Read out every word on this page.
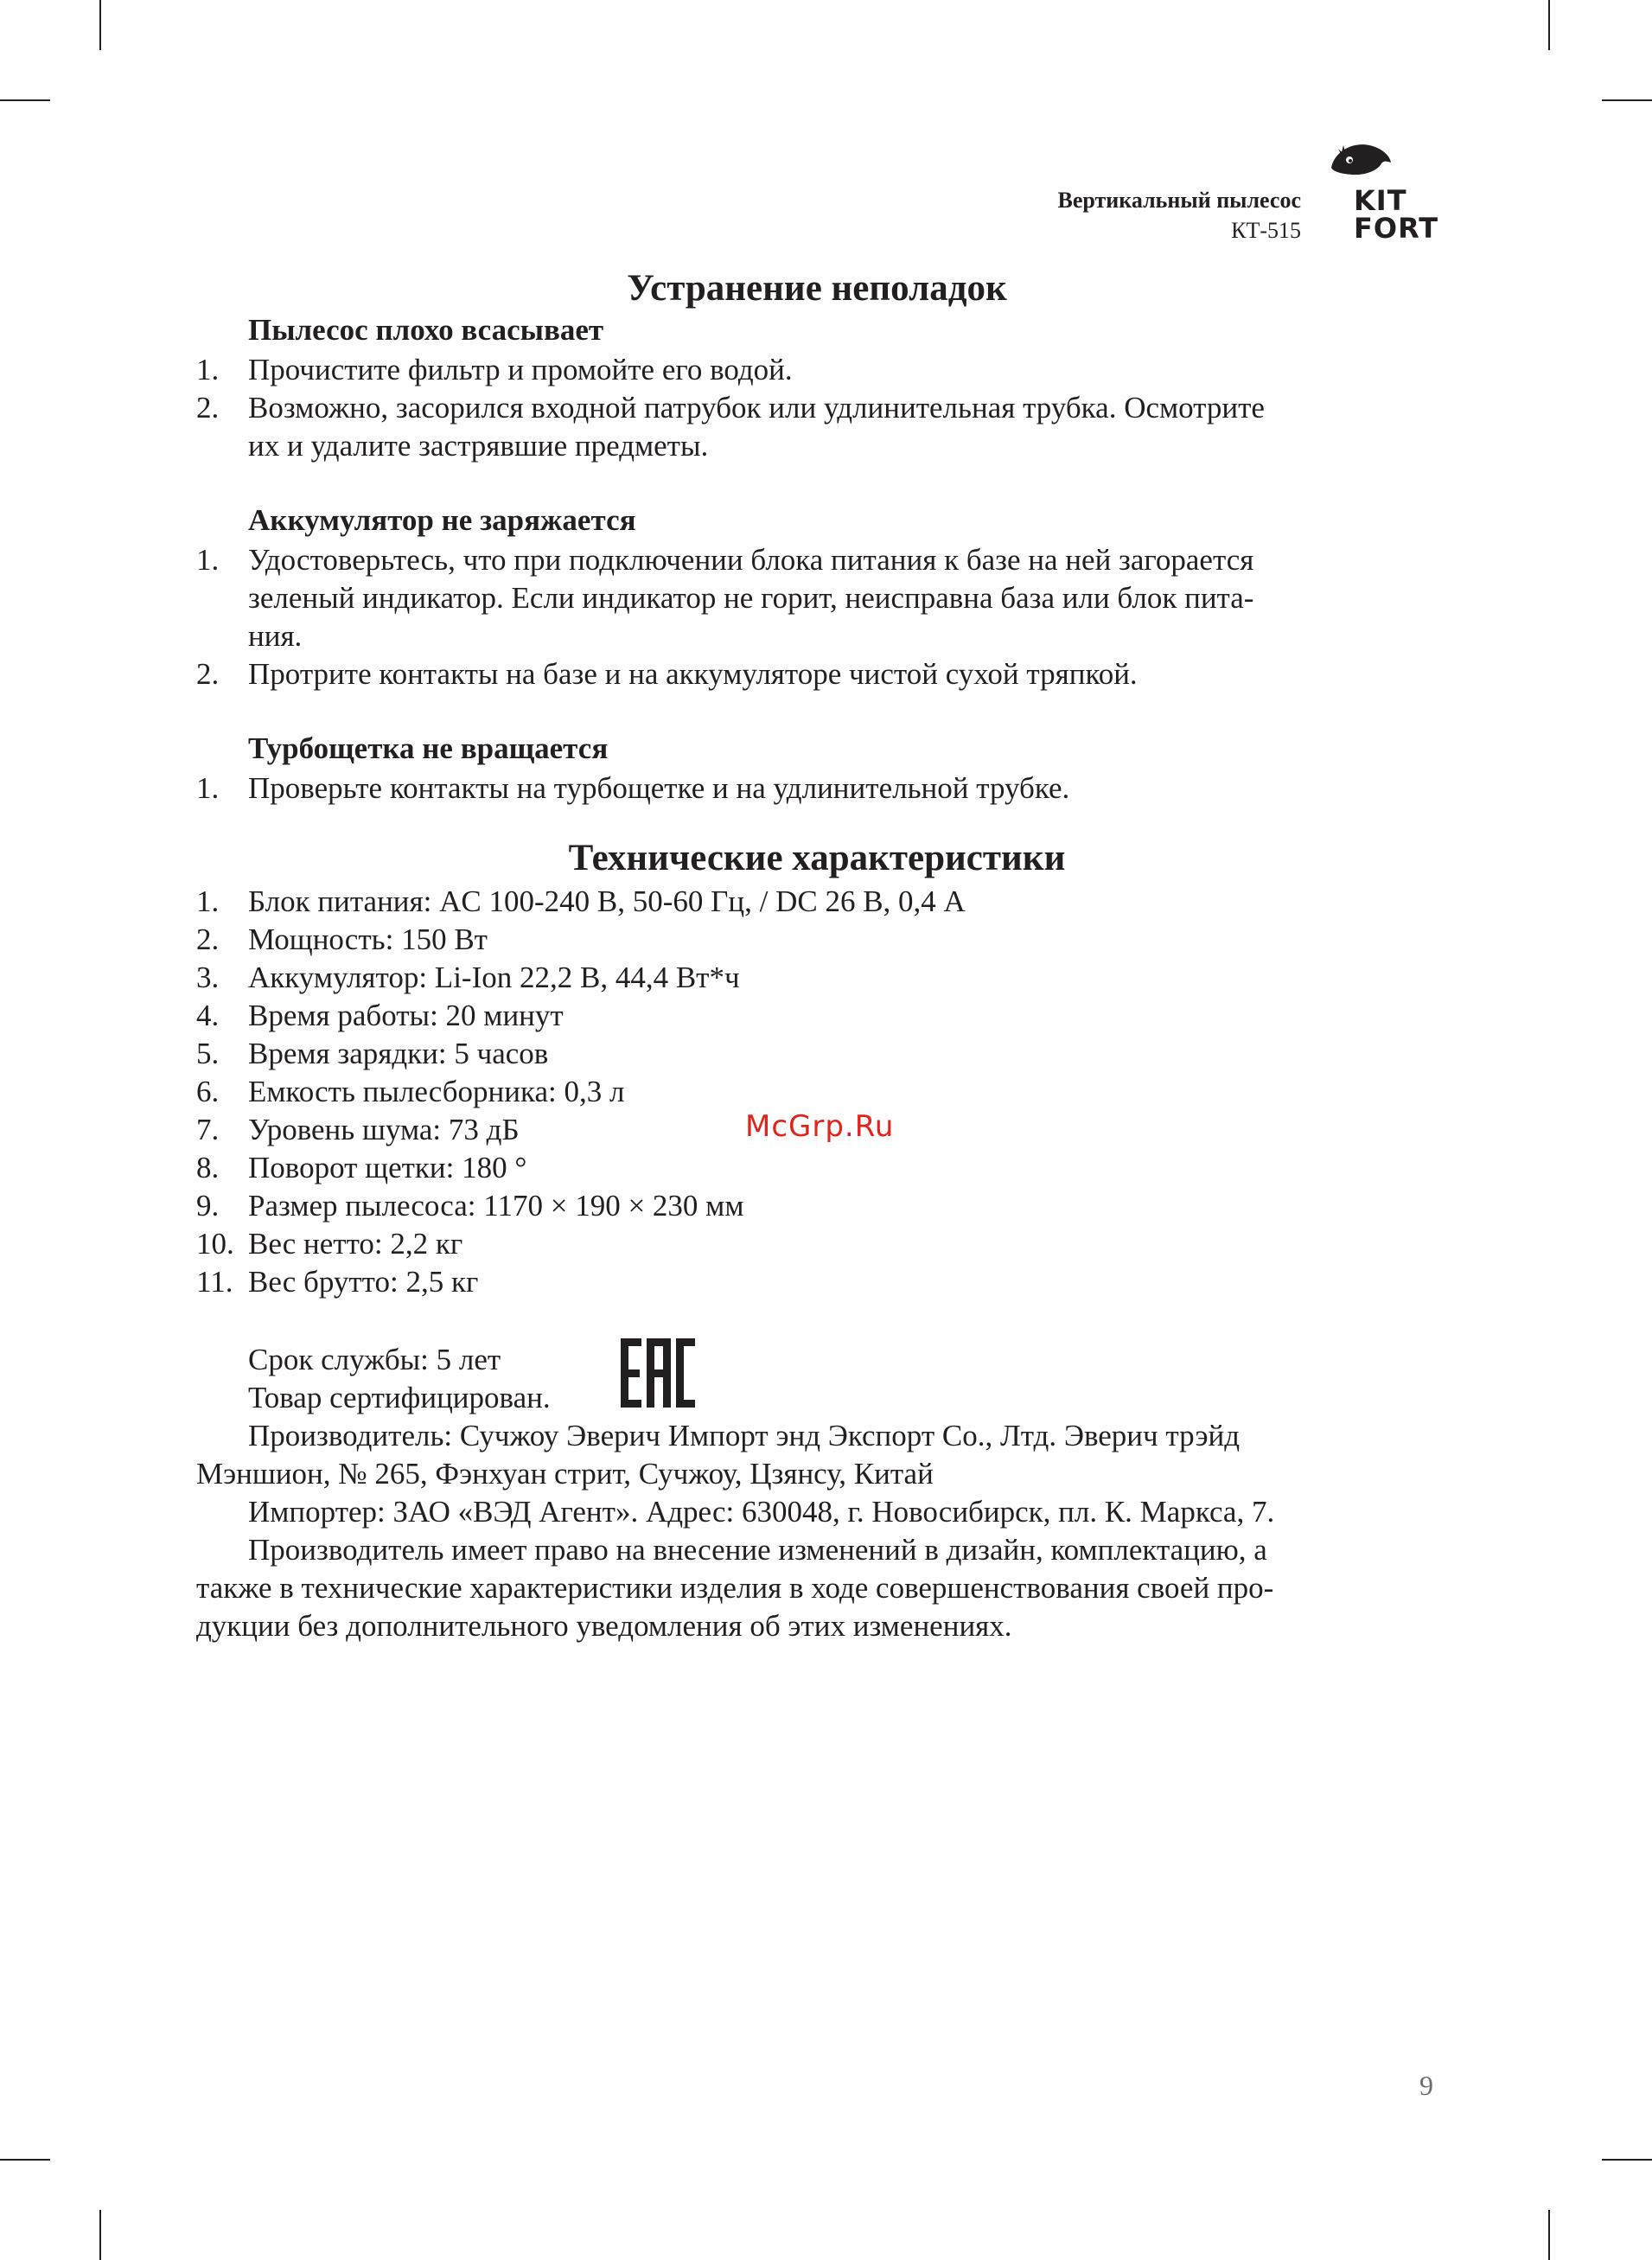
Вертикальный пылесос
КТ-515
KIT
FORT
Устранение неполадок
Пылесос плохо всасывает
1. Прочистите фильтр и промойте его водой.
2. Возможно, засорился входной патрубок или удлинительная трубка. Осмотрите
их и удалите застрявшие предметы.
Аккумулятор не заряжается
1. Удостоверьтесь, что при подключении блока питания к базе на ней загорается
зеленый индикатор. Если индикатор не горит, неисправна база или блок пита-
ния.
2. Протрите контакты на базе и на аккумуляторе чистой сухой тряпкой.
Турбощетка не вращается
1. Проверьте контакты на турбощетке и на удлинительной трубке.
Технические характеристики
1. Блок питания: AC 100-240 В, 50-60 Гц, / DC 26 В, 0,4 А
2. Мощность: 150 Вт
3. Аккумулятор: Li-Ion 22,2 В, 44,4 Вт*ч
4. Время работы: 20 минут
5. Время зарядки: 5 часов
6. Емкость пылесборника: 0,3 л
7. Уровень шума: 73 дБ
8. Поворот щетки: 180 °
9. Размер пылесоса: 1170 × 190 × 230 мм
10. Вес нетто: 2,2 кг
11. Вес брутто: 2,5 кг
McGrp.Ru
Срок службы: 5 лет
Товар сертифицирован.
Производитель: Сучжоу Эверич Импорт энд Экспорт Со., Лтд. Эверич трэйд
Мэншион, № 265, Фэнхуан стрит, Сучжоу, Цзянсу, Китай
Импортер: ЗАО «ВЭД Агент». Адрес: 630048, г. Новосибирск, пл. К. Маркса, 7.
Производитель имеет право на внесение изменений в дизайн, комплектацию, а
также в технические характеристики изделия в ходе совершенствования своей про-
дукции без дополнительного уведомления об этих изменениях.
9
